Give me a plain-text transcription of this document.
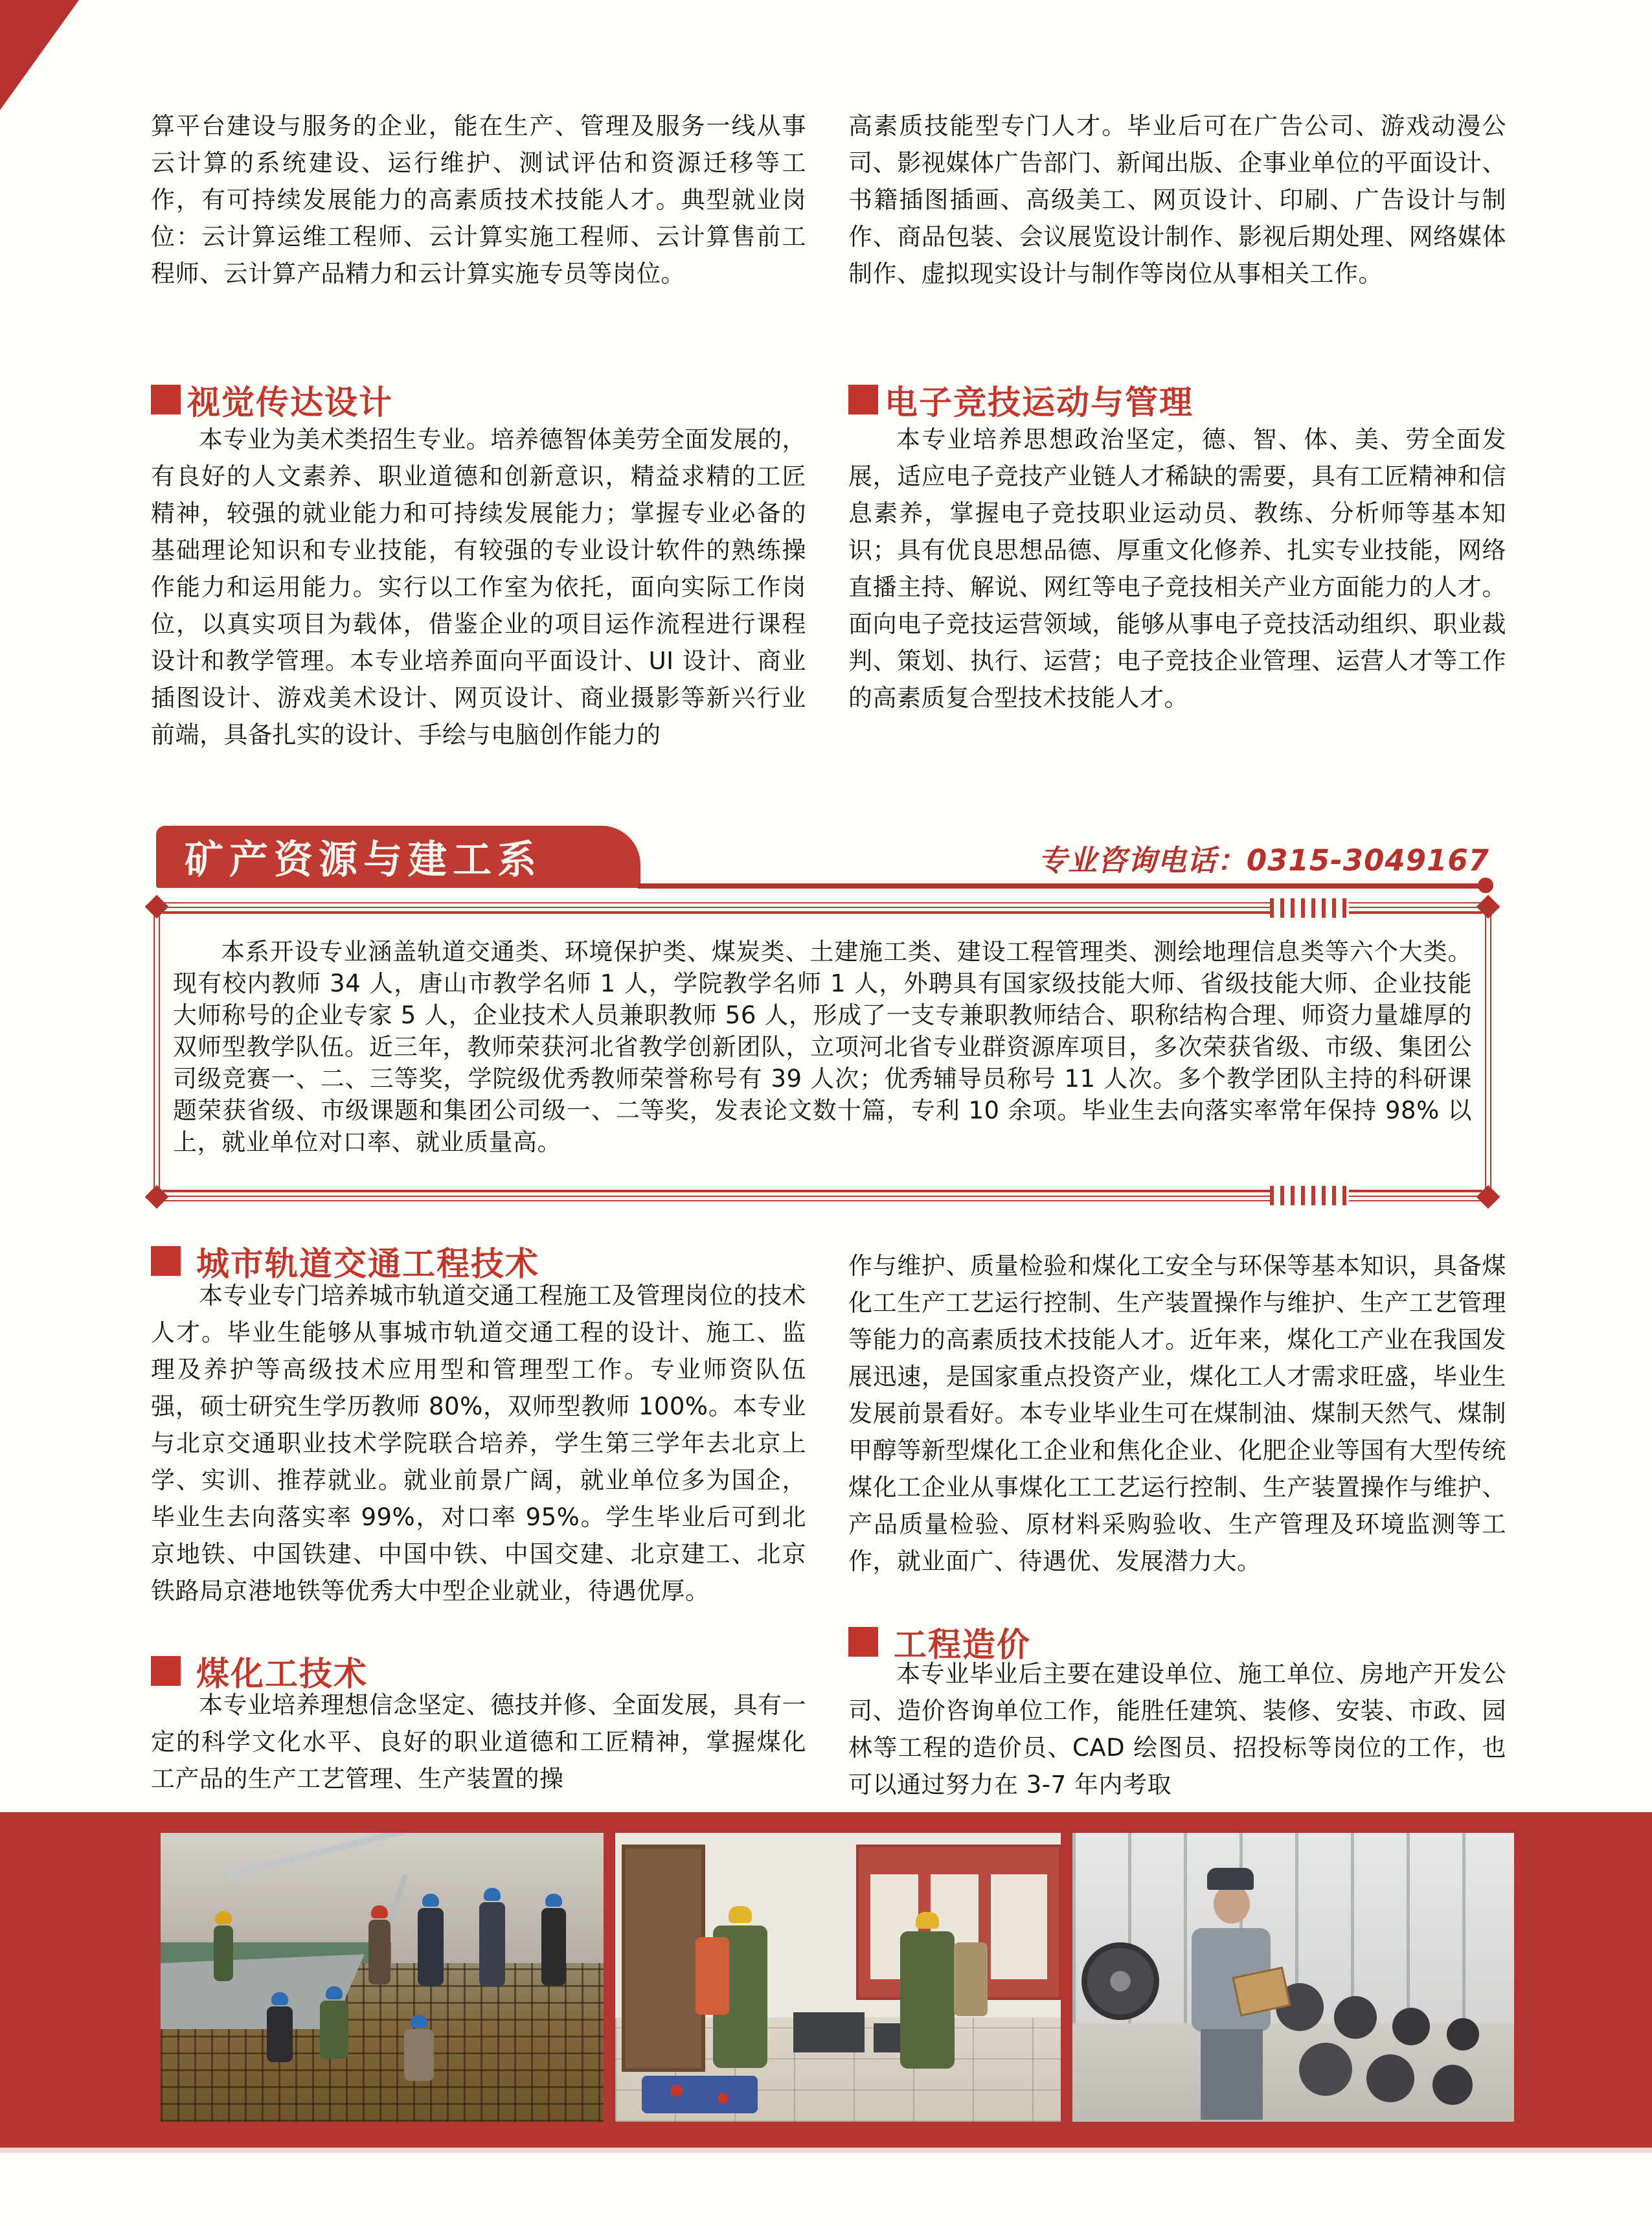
算平台建设与服务的企业，能在生产、管理及服务一线从事云计算的系统建设、运行维护、测试评估和资源迁移等工作，有可持续发展能力的高素质技术技能人才。典型就业岗位：云计算运维工程师、云计算实施工程师、云计算售前工程师、云计算产品精力和云计算实施专员等岗位。
高素质技能型专门人才。毕业后可在广告公司、游戏动漫公司、影视媒体广告部门、新闻出版、企事业单位的平面设计、书籍插图插画、高级美工、网页设计、印刷、广告设计与制作、商品包装、会议展览设计制作、影视后期处理、网络媒体制作、虚拟现实设计与制作等岗位从事相关工作。
视觉传达设计	电子竞技运动与管理
本专业为美术类招生专业。培养德智体美劳全面发展的，有良好的人文素养、职业道德和创新意识，精益求精的工匠精神，较强的就业能力和可持续发展能力；掌握专业必备的基础理论知识和专业技能，有较强的专业设计软件的熟练操作能力和运用能力。实行以工作室为依托，面向实际工作岗位，以真实项目为载体，借鉴企业的项目运作流程进行课程设计和教学管理。本专业培养面向平面设计、UI 设计、商业插图设计、游戏美术设计、网页设计、商业摄影等新兴行业前端，具备扎实的设计、手绘与电脑创作能力的
本专业培养思想政治坚定，德、智、体、美、劳全面发展，适应电子竞技产业链人才稀缺的需要，具有工匠精神和信息素养，掌握电子竞技职业运动员、教练、分析师等基本知识；具有优良思想品德、厚重文化修养、扎实专业技能，网络直播主持、解说、网红等电子竞技相关产业方面能力的人才。面向电子竞技运营领域，能够从事电子竞技活动组织、职业裁判、策划、执行、运营；电子竞技企业管理、运营人才等工作的高素质复合型技术技能人才。
矿产资源与建工系	专业咨询电话：0315-3049167
本系开设专业涵盖轨道交通类、环境保护类、煤炭类、土建施工类、建设工程管理类、测绘地理信息类等六个大类。现有校内教师 34 人，唐山市教学名师 1 人，学院教学名师 1 人，外聘具有国家级技能大师、省级技能大师、企业技能大师称号的企业专家 5 人，企业技术人员兼职教师 56 人，形成了一支专兼职教师结合、职称结构合理、师资力量雄厚的双师型教学队伍。近三年，教师荣获河北省教学创新团队，立项河北省专业群资源库项目，多次荣获省级、市级、集团公司级竞赛一、二、三等奖，学院级优秀教师荣誉称号有 39 人次；优秀辅导员称号 11 人次。多个教学团队主持的科研课题荣获省级、市级课题和集团公司级一、二等奖，发表论文数十篇，专利 10 余项。毕业生去向落实率常年保持 98% 以上，就业单位对口率、就业质量高。
城市轨道交通工程技术
本专业专门培养城市轨道交通工程施工及管理岗位的技术人才。毕业生能够从事城市轨道交通工程的设计、施工、监理及养护等高级技术应用型和管理型工作。专业师资队伍强，硕士研究生学历教师 80%，双师型教师 100%。本专业与北京交通职业技术学院联合培养，学生第三学年去北京上学、实训、推荐就业。就业前景广阔，就业单位多为国企，毕业生去向落实率 99%，对口率 95%。学生毕业后可到北京地铁、中国铁建、中国中铁、中国交建、北京建工、北京铁路局京港地铁等优秀大中型企业就业，待遇优厚。
煤化工技术
本专业培养理想信念坚定、德技并修、全面发展，具有一定的科学文化水平、良好的职业道德和工匠精神，掌握煤化工产品的生产工艺管理、生产装置的操
作与维护、质量检验和煤化工安全与环保等基本知识，具备煤化工生产工艺运行控制、生产装置操作与维护、生产工艺管理等能力的高素质技术技能人才。近年来，煤化工产业在我国发展迅速，是国家重点投资产业，煤化工人才需求旺盛，毕业生发展前景看好。本专业毕业生可在煤制油、煤制天然气、煤制甲醇等新型煤化工企业和焦化企业、化肥企业等国有大型传统煤化工企业从事煤化工工艺运行控制、生产装置操作与维护、产品质量检验、原材料采购验收、生产管理及环境监测等工作，就业面广、待遇优、发展潜力大。
工程造价
本专业毕业后主要在建设单位、施工单位、房地产开发公司、造价咨询单位工作，能胜任建筑、装修、安装、市政、园林等工程的造价员、CAD 绘图员、招投标等岗位的工作，也可以通过努力在 3-7 年内考取
